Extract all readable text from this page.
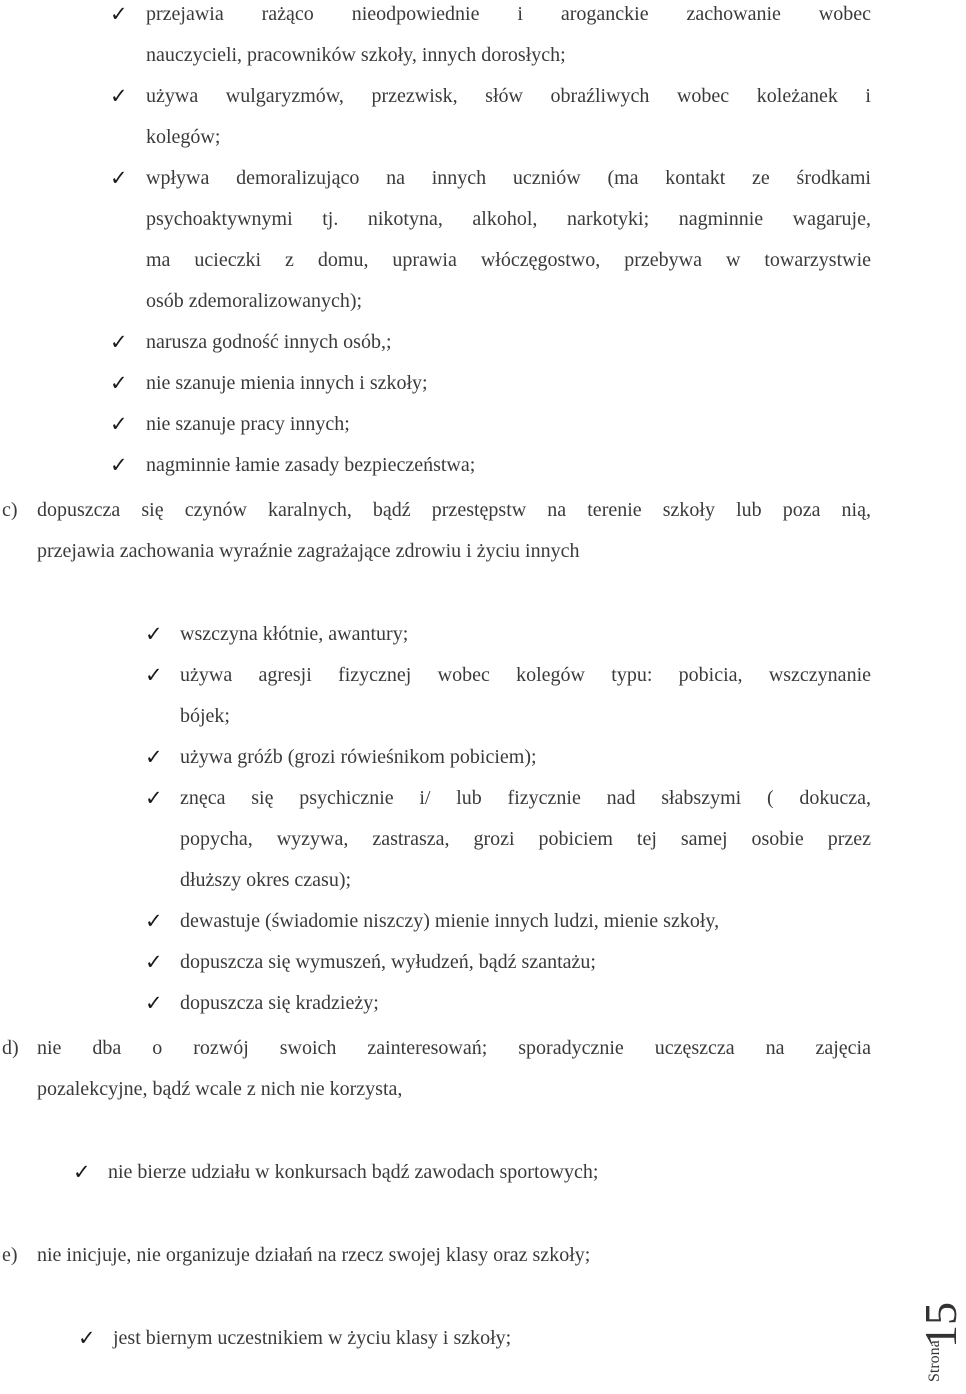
✓ przejawia rażąco nieodpowiednie i aroganckie zachowanie wobec
nauczycieli, pracowników szkoły, innych dorosłych;
✓ używa wulgaryzmów, przezwisk, słów obraźliwych wobec koleżanek i
kolegów;
✓ wpływa demoralizująco na innych uczniów (ma kontakt ze środkami
psychoaktywnymi tj. nikotyna, alkohol, narkotyki; nagminnie wagaruje,
ma ucieczki z domu, uprawia włóczęgostwo, przebywa w towarzystwie
osób zdemoralizowanych);
✓ narusza godność innych osób,;
✓ nie szanuje mienia innych i szkoły;
✓ nie szanuje pracy innych;
✓ nagminnie łamie zasady bezpieczeństwa;
c) dopuszcza się czynów karalnych, bądź przestępstw na terenie szkoły lub poza nią,
przejawia zachowania wyraźnie zagrażające zdrowiu i życiu innych
✓ wszczyna kłótnie, awantury;
✓ używa agresji fizycznej wobec kolegów typu: pobicia, wszczynanie
bójek;
✓ używa gróźb (grozi rówieśnikom pobiciem);
✓ znęca się psychicznie i/ lub fizycznie nad słabszymi ( dokucza,
popycha, wyzywa, zastrasza, grozi pobiciem tej samej osobie przez
dłuższy okres czasu);
✓ dewastuje (świadomie niszczy) mienie innych ludzi, mienie szkoły,
✓ dopuszcza się wymuszeń, wyłudzeń, bądź szantażu;
✓ dopuszcza się kradzieży;
d) nie dba o rozwój swoich zainteresowań; sporadycznie uczęszcza na zajęcia
pozalekcyjne, bądź wcale z nich nie korzysta,
✓ nie bierze udziału w konkursach bądź zawodach sportowych;
e) nie inicjuje, nie organizuje działań na rzecz swojej klasy oraz szkoły;
✓ jest biernym uczestnikiem w życiu klasy i szkoły;
Strona
15
